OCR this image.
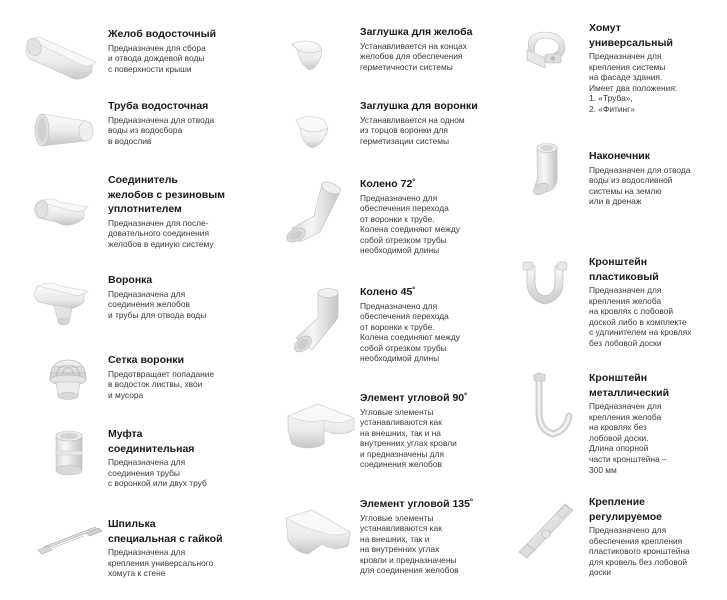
Желоб водосточный

Предназначен для сбора
и отвода дождевой воды
с поверхности крыши

Труба водосточная

Предназначена для отвода
воды из водосбора
в водослив

Соединитель

желобов с резиновым

уплотнителем

Предназначен для после-
довательного соединения
желобов в единую систему

Воронка

Предназначена для
соединения желобов
и трубы для отвода воды

Сетка воронки

Предотвращает попадание
в водосток листвы, хвои
и мусора

Муфта

соединительная

Предназначена для
соединения трубы
с воронкой или двух труб

Шпилька

специальная с гайкой

Предназначена для
крепления универсального
хомута к стене

Заглушка для желоба

Устанавливается на концах
желобов для обеспечения
герметичности системы

Заглушка для воронки

Устанавливается на одном
из торцов воронки для
герметизации системы

Колено 72˚

Предназначено для
обеспечения перехода
от воронки к трубе.
Колена соединяют между
собой отрезком трубы
необходимой длины

Колено 45˚

Предназначено для
обеспечения перехода
от воронки к трубе.
Колена соединяют между
собой отрезком трубы
необходимой длины

Элемент угловой 90˚

Угловые элементы
устанавливаются как
на внешних, так и на
внутренних углах кровли
и предназначены для
соединения желобов

Элемент угловой 135˚

Угловые элементы
устанавливаются как
на внешних, так и
на внутренних углах
кровли и предназначены
для соединения желобов

Хомут

универсальный

Предназначен для
крепления системы
на фасаде здания.
Имеет два положения:
1. «Труба»,
2. «Фитинг»

Наконечник

Предназначен для отвода
воды из водосливной
системы на землю
или в дренаж

Кронштейн

пластиковый

Предназначен для
крепления желоба
на кровлях с лобовой
доской либо в комплекте
с удлинителем на кровлях
без лобовой доски

Кронштейн

металлический

Предназначен для
крепления желоба
на кровлях без
лобовой доски.
Длина опорной
части кронштейна –
300 мм

Крепление

регулируемое

Предназначено для
обеспечения крепления
пластикового кронштейна
для кровель без лобовой
доски
